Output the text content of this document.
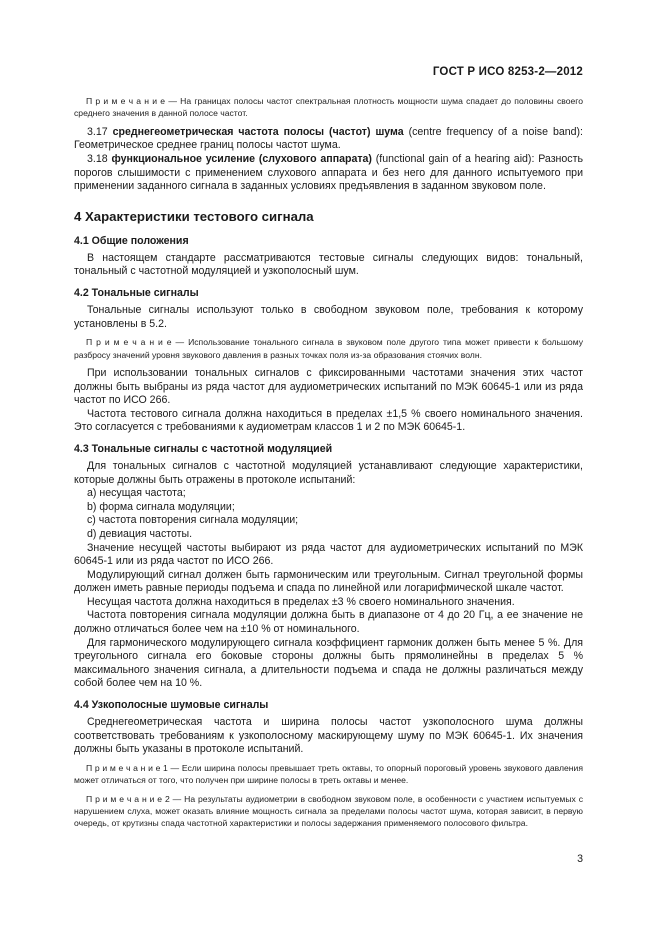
ГОСТ Р ИСО 8253-2—2012

П р и м е ч а н и е — На границах полосы частот спектральная плотность мощности шума спадает до половины своего среднего значения в данной полосе частот.

3.17 среднегеометрическая частота полосы (частот) шума (centre frequency of a noise band): Геометрическое среднее границ полосы частот шума.

3.18 функциональное усиление (слухового аппарата) (functional gain of a hearing aid): Разность порогов слышимости с применением слухового аппарата и без него для данного испытуемого при применении заданного сигнала в заданных условиях предъявления в заданном звуковом поле.

4 Характеристики тестового сигнала

4.1 Общие положения

В настоящем стандарте рассматриваются тестовые сигналы следующих видов: тональный, тональный с частотной модуляцией и узкополосный шум.

4.2 Тональные сигналы

Тональные сигналы используют только в свободном звуковом поле, требования к которому установлены в 5.2.

П р и м е ч а н и е — Использование тонального сигнала в звуковом поле другого типа может привести к большому разбросу значений уровня звукового давления в разных точках поля из-за образования стоячих волн.

При использовании тональных сигналов с фиксированными частотами значения этих частот должны быть выбраны из ряда частот для аудиометрических испытаний по МЭК 60645-1 или из ряда частот по ИСО 266.

Частота тестового сигнала должна находиться в пределах ±1,5 % своего номинального значения. Это согласуется с требованиями к аудиометрам классов 1 и 2 по МЭК 60645-1.

4.3 Тональные сигналы с частотной модуляцией

Для тональных сигналов с частотной модуляцией устанавливают следующие характеристики, которые должны быть отражены в протоколе испытаний:

a) несущая частота;

b) форма сигнала модуляции;

c) частота повторения сигнала модуляции;

d) девиация частоты.

Значение несущей частоты выбирают из ряда частот для аудиометрических испытаний по МЭК 60645-1 или из ряда частот по ИСО 266.

Модулирующий сигнал должен быть гармоническим или треугольным. Сигнал треугольной формы должен иметь равные периоды подъема и спада по линейной или логарифмической шкале частот.

Несущая частота должна находиться в пределах ±3 % своего номинального значения.

Частота повторения сигнала модуляции должна быть в диапазоне от 4 до 20 Гц, а ее значение не должно отличаться более чем на ±10 % от номинального.

Для гармонического модулирующего сигнала коэффициент гармоник должен быть менее 5 %. Для треугольного сигнала его боковые стороны должны быть прямолинейны в пределах 5 % максимального значения сигнала, а длительности подъема и спада не должны различаться между собой более чем на 10 %.

4.4 Узкополосные шумовые сигналы

Среднегеометрическая частота и ширина полосы частот узкополосного шума должны соответствовать требованиям к узкополосному маскирующему шуму по МЭК 60645-1. Их значения должны быть указаны в протоколе испытаний.

П р и м е ч а н и е 1 — Если ширина полосы превышает треть октавы, то опорный пороговый уровень звукового давления может отличаться от того, что получен при ширине полосы в треть октавы и менее.

П р и м е ч а н и е 2 — На результаты аудиометрии в свободном звуковом поле, в особенности с участием испытуемых с нарушением слуха, может оказать влияние мощность сигнала за пределами полосы частот шума, которая зависит, в первую очередь, от крутизны спада частотной характеристики и полосы задержания применяемого полосового фильтра.

3
